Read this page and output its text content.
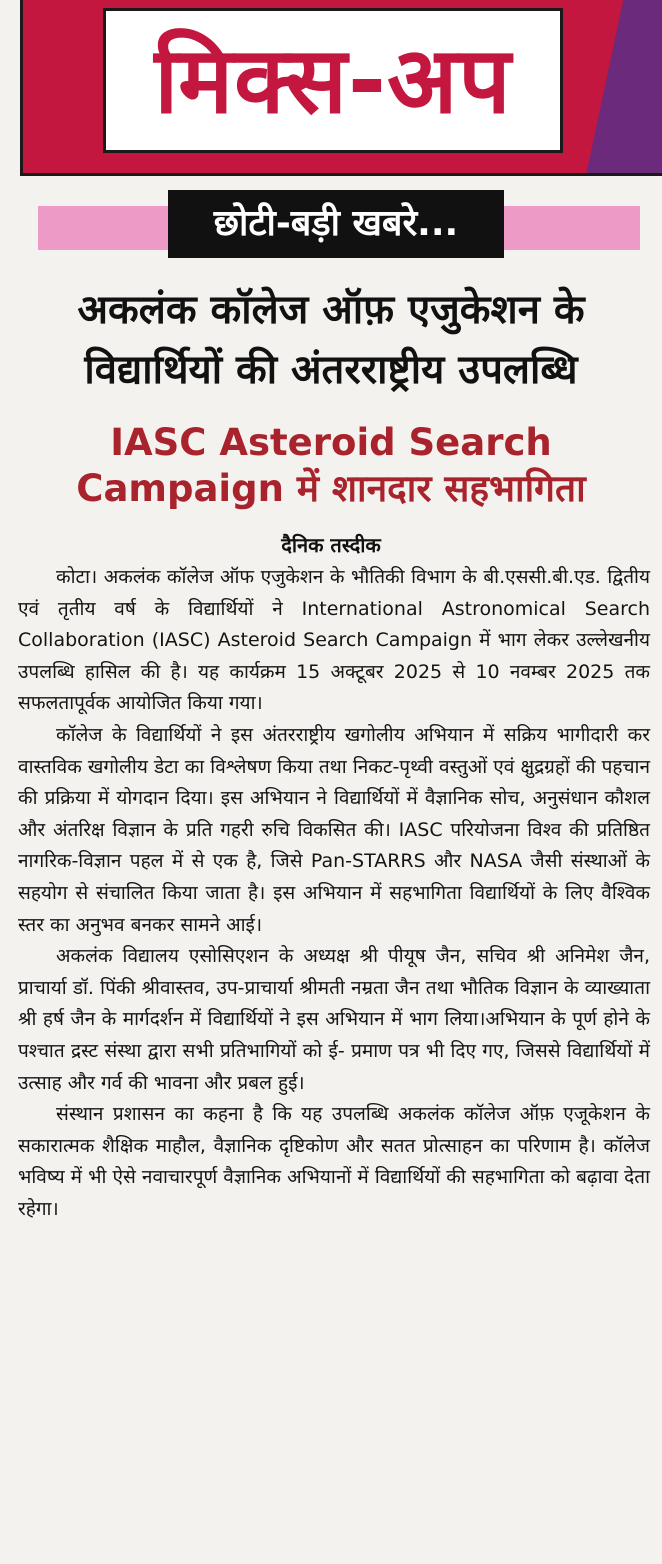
मिक्स-अप
छोटी-बड़ी खबरे...
अकलंक कॉलेज ऑफ़ एजुकेशन के विद्यार्थियों की अंतरराष्ट्रीय उपलब्धि
IASC Asteroid Search Campaign में शानदार सहभागिता
दैनिक तस्दीक

कोटा। अकलंक कॉलेज ऑफ एजुकेशन के भौतिकी विभाग के बी.एससी.बी.एड. द्वितीय एवं तृतीय वर्ष के विद्यार्थियों ने International Astronomical Search Collaboration (IASC) Asteroid Search Campaign में भाग लेकर उल्लेखनीय उपलब्धि हासिल की है। यह कार्यक्रम 15 अक्टूबर 2025 से 10 नवम्बर 2025 तक सफलतापूर्वक आयोजित किया गया।

कॉलेज के विद्यार्थियों ने इस अंतरराष्ट्रीय खगोलीय अभियान में सक्रिय भागीदारी कर वास्तविक खगोलीय डेटा का विश्लेषण किया तथा निकट-पृथ्वी वस्तुओं एवं क्षुद्रग्रहों की पहचान की प्रक्रिया में योगदान दिया। इस अभियान ने विद्यार्थियों में वैज्ञानिक सोच, अनुसंधान कौशल और अंतरिक्ष विज्ञान के प्रति गहरी रुचि विकसित की। IASC परियोजना विश्व की प्रतिष्ठित नागरिक-विज्ञान पहल में से एक है, जिसे Pan-STARRS और NASA जैसी संस्थाओं के सहयोग से संचालित किया जाता है। इस अभियान में सहभागिता विद्यार्थियों के लिए वैश्विक स्तर का अनुभव बनकर सामने आई।

अकलंक विद्यालय एसोसिएशन के अध्यक्ष श्री पीयूष जैन, सचिव श्री अनिमेश जैन, प्राचार्या डॉ. पिंकी श्रीवास्तव, उप-प्राचार्या श्रीमती नम्रता जैन तथा भौतिक विज्ञान के व्याख्याता श्री हर्ष जैन के मार्गदर्शन में विद्यार्थियों ने इस अभियान में भाग लिया।अभियान के पूर्ण होने के पश्चात द्रस्ट संस्था द्वारा सभी प्रतिभागियों को ई- प्रमाण पत्र भी दिए गए, जिससे विद्यार्थियों में उत्साह और गर्व की भावना और प्रबल हुई।

संस्थान प्रशासन का कहना है कि यह उपलब्धि अकलंक कॉलेज ऑफ़ एजूकेशन के सकारात्मक शैक्षिक माहौल, वैज्ञानिक दृष्टिकोण और सतत प्रोत्साहन का परिणाम है। कॉलेज भविष्य में भी ऐसे नवाचारपूर्ण वैज्ञानिक अभियानों में विद्यार्थियों की सहभागिता को बढ़ावा देता रहेगा।
